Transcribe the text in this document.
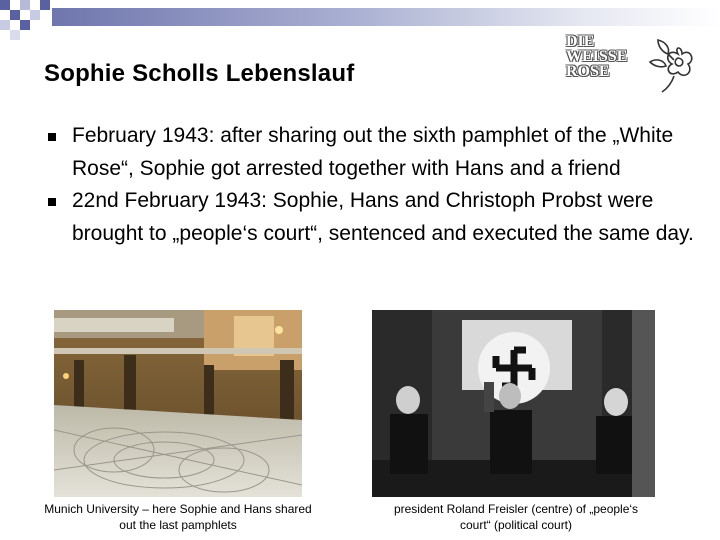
Sophie Scholls Lebenslauf
DIE
WEISSE
ROSE
February 1943: after sharing out the sixth pamphlet of the „White Rose“, Sophie got arrested together with Hans and a friend
22nd February 1943: Sophie, Hans and Christoph Probst were brought to „people‘s court“, sentenced and executed the same day.
Munich University – here Sophie and Hans shared out the last pamphlets
president Roland Freisler (centre) of „people‘s court“ (political court)
